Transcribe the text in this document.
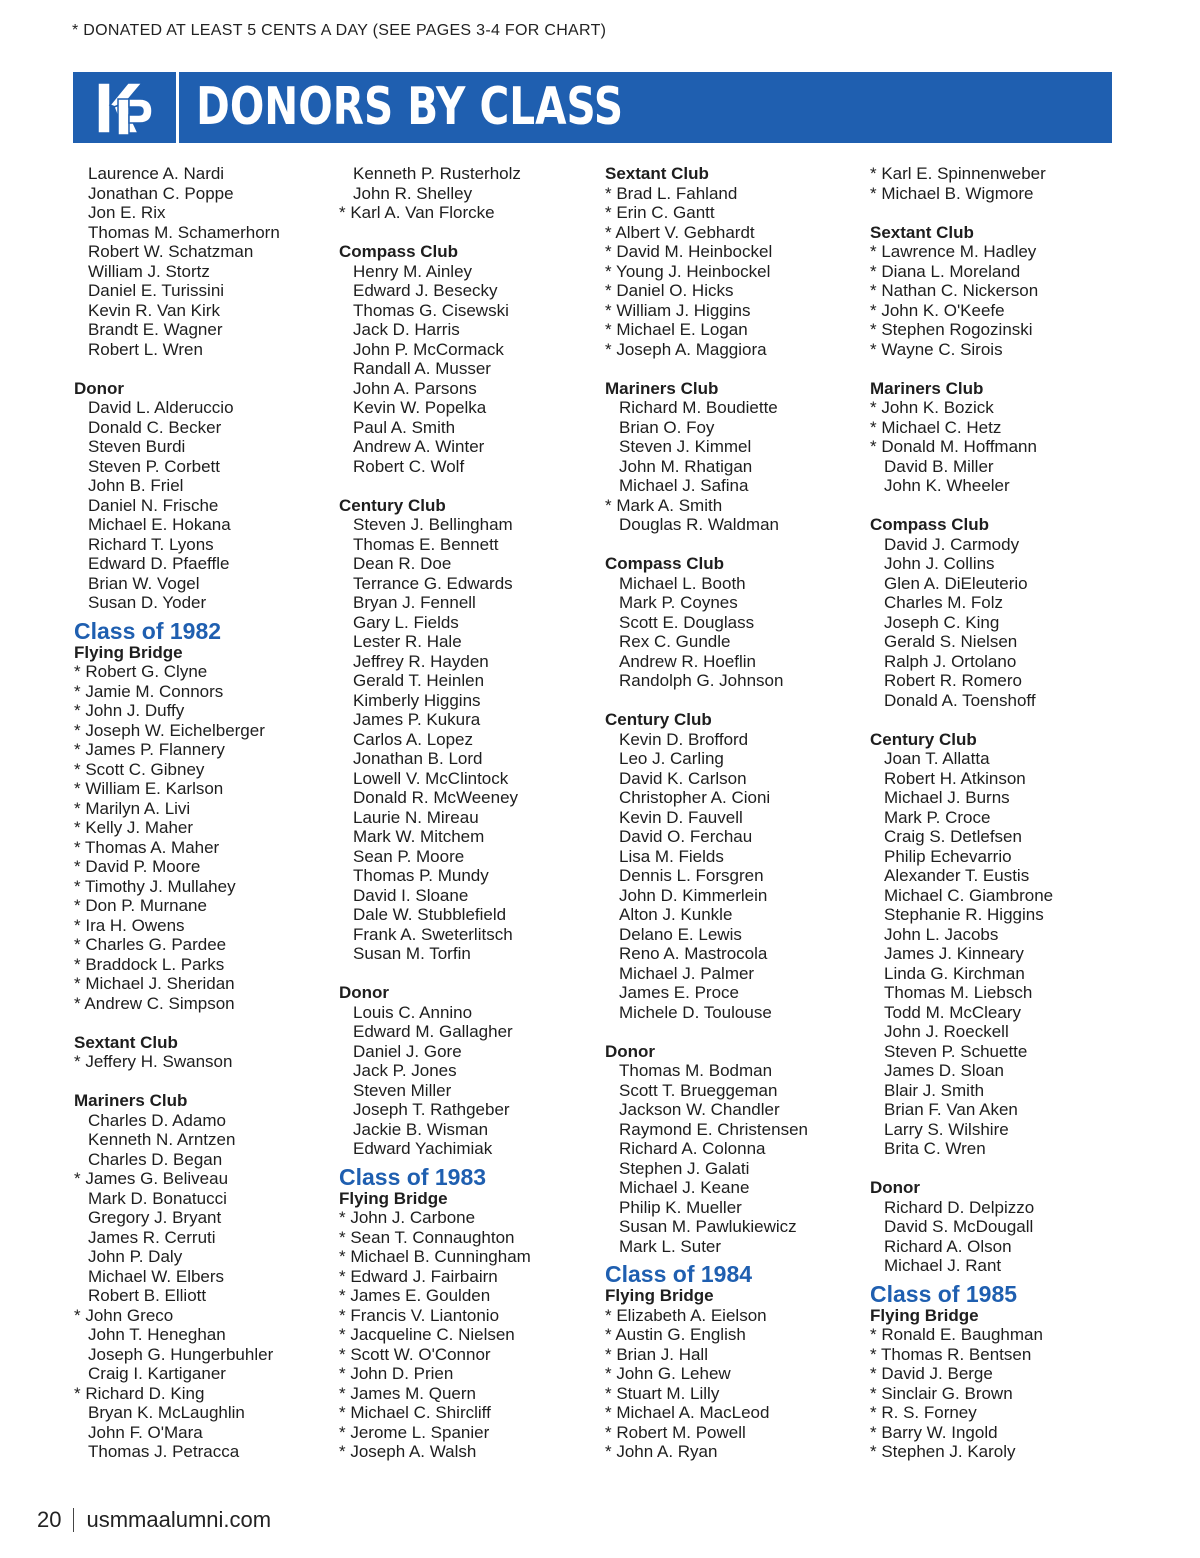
* DONATED AT LEAST 5 CENTS A DAY (SEE PAGES 3-4 FOR CHART)
DONORS BY CLASS
Laurence A. Nardi
Jonathan C. Poppe
Jon E. Rix
Thomas M. Schamerhorn
Robert W. Schatzman
William J. Stortz
Daniel E. Turissini
Kevin R. Van Kirk
Brandt E. Wagner
Robert L. Wren
Donor
David L. Alderuccio
Donald C. Becker
Steven Burdi
Steven P. Corbett
John B. Friel
Daniel N. Frische
Michael E. Hokana
Richard T. Lyons
Edward D. Pfaeffle
Brian W. Vogel
Susan D. Yoder
Class of 1982
Flying Bridge
* Robert G. Clyne
* Jamie M. Connors
* John J. Duffy
* Joseph W. Eichelberger
* James P. Flannery
* Scott C. Gibney
* William E. Karlson
* Marilyn A. Livi
* Kelly J. Maher
* Thomas A. Maher
* David P. Moore
* Timothy J. Mullahey
* Don P. Murnane
* Ira H. Owens
* Charles G. Pardee
* Braddock L. Parks
* Michael J. Sheridan
* Andrew C. Simpson
Sextant Club
* Jeffery H. Swanson
Mariners Club
Charles D. Adamo
Kenneth N. Arntzen
Charles D. Began
* James G. Beliveau
Mark D. Bonatucci
Gregory J. Bryant
James R. Cerruti
John P. Daly
Michael W. Elbers
Robert B. Elliott
* John Greco
John T. Heneghan
Joseph G. Hungerbuhler
Craig I. Kartiganer
* Richard D. King
Bryan K. McLaughlin
John F. O'Mara
Thomas J. Petracca
Kenneth P. Rusterholz
John R. Shelley
* Karl A. Van Florcke
Compass Club
Henry M. Ainley
Edward J. Besecky
Thomas G. Cisewski
Jack D. Harris
John P. McCormack
Randall A. Musser
John A. Parsons
Kevin W. Popelka
Paul A. Smith
Andrew A. Winter
Robert C. Wolf
Century Club
Steven J. Bellingham
Thomas E. Bennett
Dean R. Doe
Terrance G. Edwards
Bryan J. Fennell
Gary L. Fields
Lester R. Hale
Jeffrey R. Hayden
Gerald T. Heinlen
Kimberly Higgins
James P. Kukura
Carlos A. Lopez
Jonathan B. Lord
Lowell V. McClintock
Donald R. McWeeney
Laurie N. Mireau
Mark W. Mitchem
Sean P. Moore
Thomas P. Mundy
David I. Sloane
Dale W. Stubblefield
Frank A. Sweterlitsch
Susan M. Torfin
Donor
Louis C. Annino
Edward M. Gallagher
Daniel J. Gore
Jack P. Jones
Steven Miller
Joseph T. Rathgeber
Jackie B. Wisman
Edward Yachimiak
Class of 1983
Flying Bridge
* John J. Carbone
* Sean T. Connaughton
* Michael B. Cunningham
* Edward J. Fairbairn
* James E. Goulden
* Francis V. Liantonio
* Jacqueline C. Nielsen
* Scott W. O'Connor
* John D. Prien
* James M. Quern
* Michael C. Shircliff
* Jerome L. Spanier
* Joseph A. Walsh
Sextant Club
* Brad L. Fahland
* Erin C. Gantt
* Albert V. Gebhardt
* David M. Heinbockel
* Young J. Heinbockel
* Daniel O. Hicks
* William J. Higgins
* Michael E. Logan
* Joseph A. Maggiora
Mariners Club
Richard M. Boudiette
Brian O. Foy
Steven J. Kimmel
John M. Rhatigan
Michael J. Safina
* Mark A. Smith
Douglas R. Waldman
Compass Club
Michael L. Booth
Mark P. Coynes
Scott E. Douglass
Rex C. Gundle
Andrew R. Hoeflin
Randolph G. Johnson
Century Club
Kevin D. Brofford
Leo J. Carling
David K. Carlson
Christopher A. Cioni
Kevin D. Fauvell
David O. Ferchau
Lisa M. Fields
Dennis L. Forsgren
John D. Kimmerlein
Alton J. Kunkle
Delano E. Lewis
Reno A. Mastrocola
Michael J. Palmer
James E. Proce
Michele D. Toulouse
Donor
Thomas M. Bodman
Scott T. Brueggeman
Jackson W. Chandler
Raymond E. Christensen
Richard A. Colonna
Stephen J. Galati
Michael J. Keane
Philip K. Mueller
Susan M. Pawlukiewicz
Mark L. Suter
Class of 1984
Flying Bridge
* Elizabeth A. Eielson
* Austin G. English
* Brian J. Hall
* John G. Lehew
* Stuart M. Lilly
* Michael A. MacLeod
* Robert M. Powell
* John A. Ryan
* Karl E. Spinnenweber
* Michael B. Wigmore
Sextant Club
* Lawrence M. Hadley
* Diana L. Moreland
* Nathan C. Nickerson
* John K. O'Keefe
* Stephen Rogozinski
* Wayne C. Sirois
Mariners Club
* John K. Bozick
* Michael C. Hetz
* Donald M. Hoffmann
David B. Miller
John K. Wheeler
Compass Club
David J. Carmody
John J. Collins
Glen A. DiEleuterio
Charles M. Folz
Joseph C. King
Gerald S. Nielsen
Ralph J. Ortolano
Robert R. Romero
Donald A. Toenshoff
Century Club
Joan T. Allatta
Robert H. Atkinson
Michael J. Burns
Mark P. Croce
Craig S. Detlefsen
Philip Echevarrio
Alexander T. Eustis
Michael C. Giambrone
Stephanie R. Higgins
John L. Jacobs
James J. Kinneary
Linda G. Kirchman
Thomas M. Liebsch
Todd M. McCleary
John J. Roeckell
Steven P. Schuette
James D. Sloan
Blair J. Smith
Brian F. Van Aken
Larry S. Wilshire
Brita C. Wren
Donor
Richard D. Delpizzo
David S. McDougall
Richard A. Olson
Michael J. Rant
Class of 1985
Flying Bridge
* Ronald E. Baughman
* Thomas R. Bentsen
* David J. Berge
* Sinclair G. Brown
* R. S. Forney
* Barry W. Ingold
* Stephen J. Karoly
20 usmmaalumni.com
